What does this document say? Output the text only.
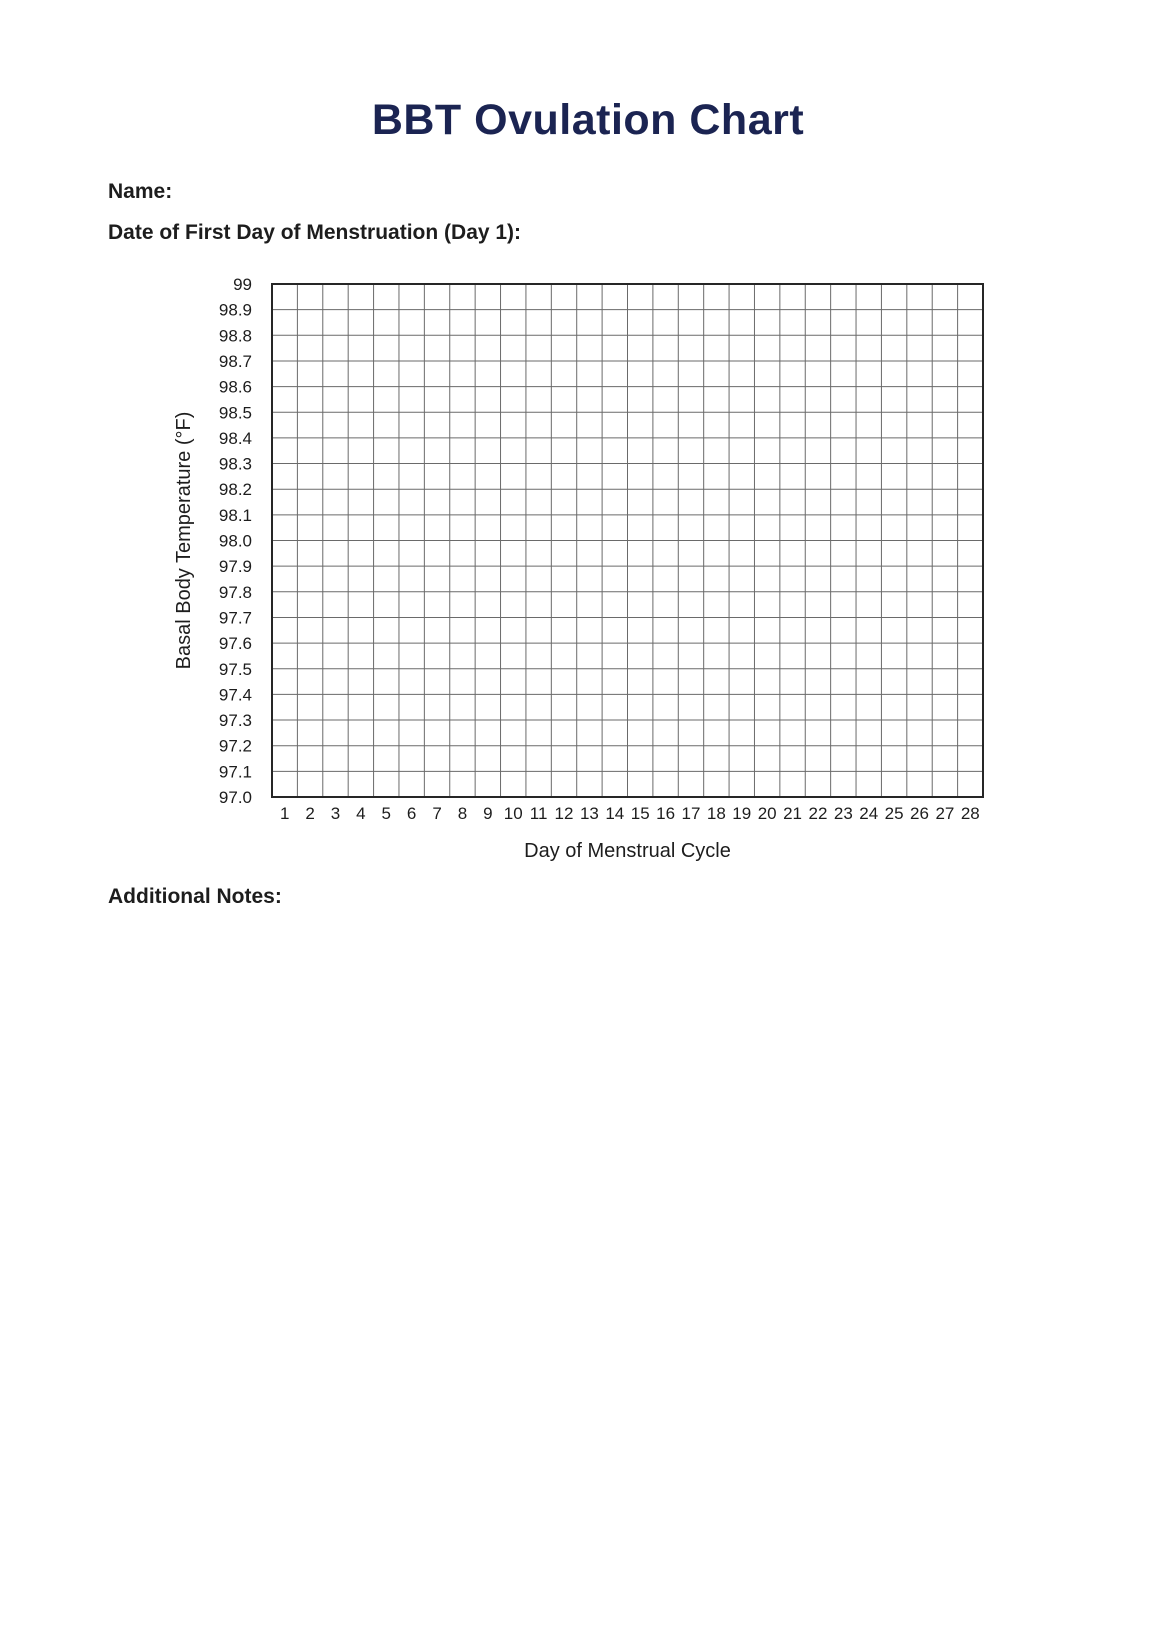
BBT Ovulation Chart
Name:
Date of First Day of Menstruation (Day 1):
99
98.9
98.8
98.7
98.6
98.5
98.4
98.3
98.2
98.1
98.0
97.9
97.8
97.7
97.6
97.5
97.4
97.3
97.2
97.1
97.0
1 2 3 4 5 6 7 8 9 10 11 12 13 14 15 16 17 18 19 20 21 22 23 24 25 26 27 28
Basal Body Temperature (°F)
Day of Menstrual Cycle
Additional Notes:
